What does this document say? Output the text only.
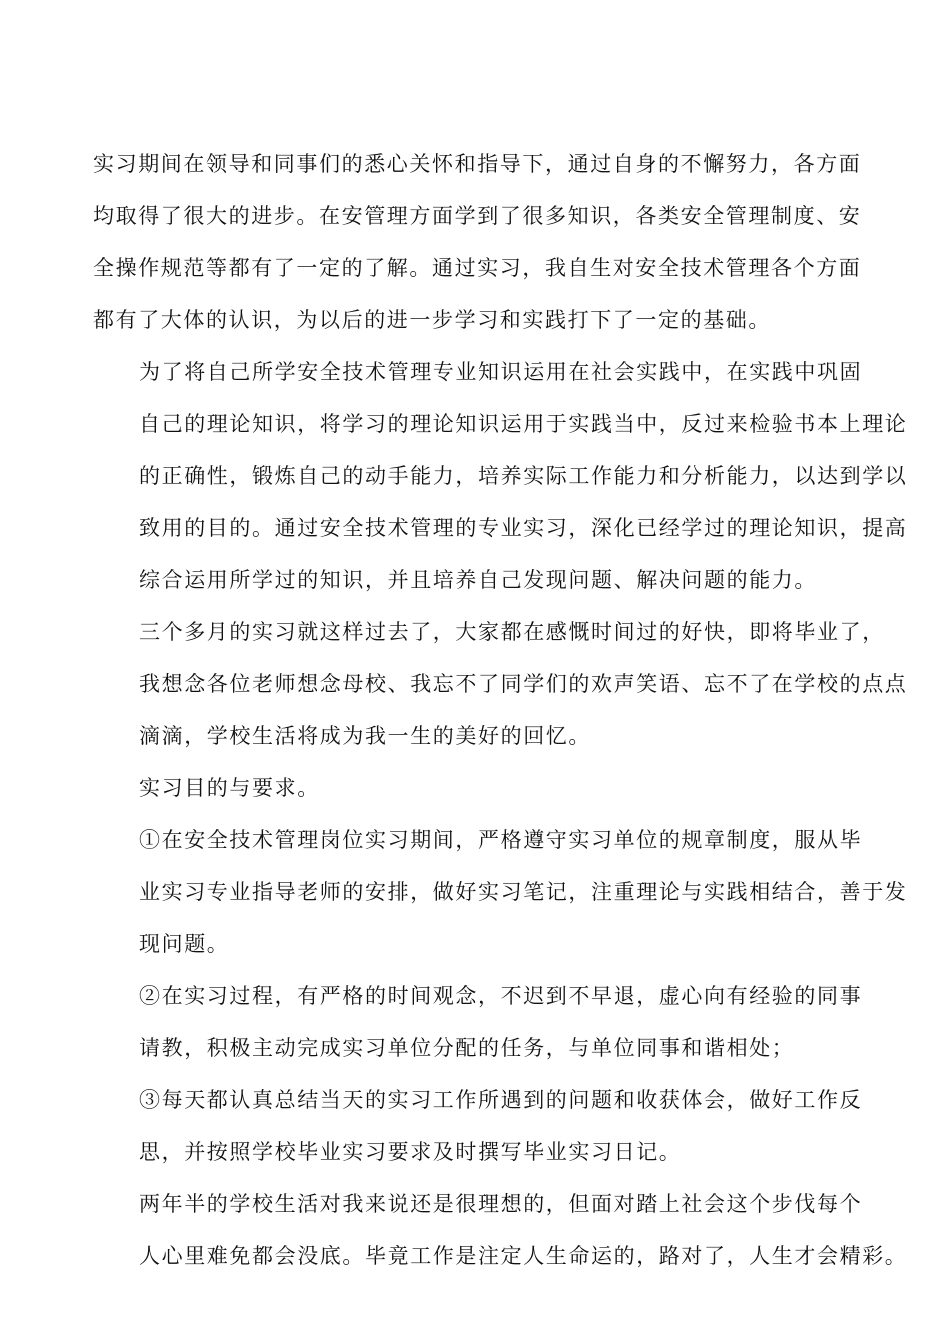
实习期间在领导和同事们的悉心关怀和指导下，通过自身的不懈努力，各方面
均取得了很大的进步。在安管理方面学到了很多知识，各类安全管理制度、安
全操作规范等都有了一定的了解。通过实习，我自生对安全技术管理各个方面
都有了大体的认识，为以后的进一步学习和实践打下了一定的基础。

为了将自己所学安全技术管理专业知识运用在社会实践中，在实践中巩固
自己的理论知识，将学习的理论知识运用于实践当中，反过来检验书本上理论
的正确性，锻炼自己的动手能力，培养实际工作能力和分析能力，以达到学以
致用的目的。通过安全技术管理的专业实习，深化已经学过的理论知识，提高
综合运用所学过的知识，并且培养自己发现问题、解决问题的能力。

三个多月的实习就这样过去了，大家都在感慨时间过的好快，即将毕业了，
我想念各位老师想念母校、我忘不了同学们的欢声笑语、忘不了在学校的点点
滴滴，学校生活将成为我一生的美好的回忆。

实习目的与要求。

①在安全技术管理岗位实习期间，严格遵守实习单位的规章制度，服从毕
业实习专业指导老师的安排，做好实习笔记，注重理论与实践相结合，善于发
现问题。

②在实习过程，有严格的时间观念，不迟到不早退，虚心向有经验的同事
请教，积极主动完成实习单位分配的任务，与单位同事和谐相处；

③每天都认真总结当天的实习工作所遇到的问题和收获体会，做好工作反
思，并按照学校毕业实习要求及时撰写毕业实习日记。

两年半的学校生活对我来说还是很理想的，但面对踏上社会这个步伐每个
人心里难免都会没底。毕竟工作是注定人生命运的，路对了，人生才会精彩。
